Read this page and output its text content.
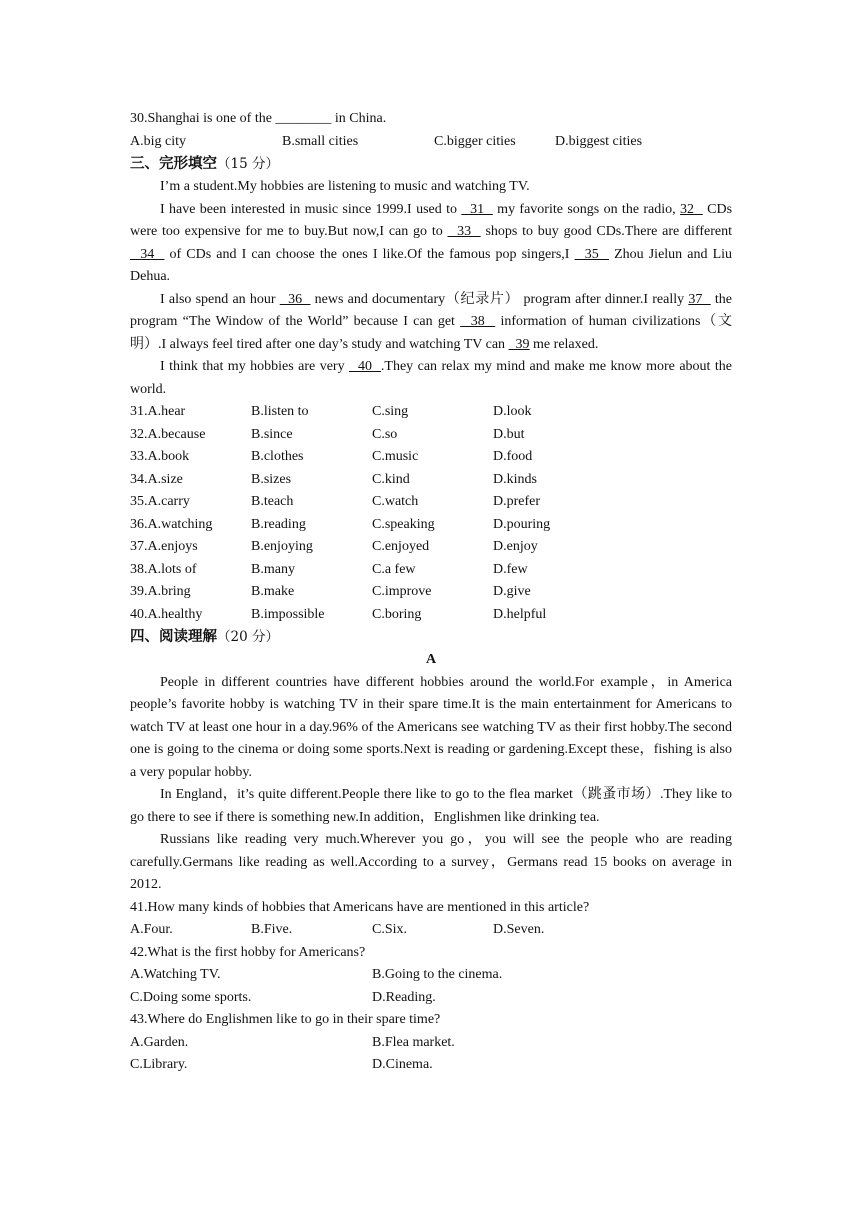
30.Shanghai is one of the ________ in China.
A.big city	B.small cities	C.bigger cities	D.biggest cities
三、完形填空（15 分）

I’m a student.My hobbies are listening to music and watching TV.

I have been interested in music since 1999.I used to   31   my favorite songs on the radio, 32   CDs were too expensive for me to buy.But now,I can go to   33   shops to buy good CDs.There are different   34   of CDs and I can choose the ones I like.Of the famous pop singers,I   35   Zhou Jielun and Liu Dehua.

I also spend an hour   36   news and documentary（纪录片） program after dinner.I really 37   the program “The Window of the World” because I can get   38   information of human civilizations（文明）.I always feel tired after one day’s study and watching TV can   39 me relaxed.

I think that my hobbies are very   40  .They can relax my mind and make me know more about the world.

31.A.hear	B.listen to	C.sing	D.look
32.A.because	B.since	C.so	D.but
33.A.book	B.clothes	C.music	D.food
34.A.size	B.sizes	C.kind	D.kinds
35.A.carry	B.teach	C.watch	D.prefer
36.A.watching	B.reading	C.speaking	D.pouring
37.A.enjoys	B.enjoying	C.enjoyed	D.enjoy
38.A.lots of	B.many	C.a few	D.few
39.A.bring	B.make	C.improve	D.give
40.A.healthy	B.impossible	C.boring	D.helpful
四、阅读理解（20 分）
A

People in different countries have different hobbies around the world.For example，in America people’s favorite hobby is watching TV in their spare time.It is the main entertainment for Americans to watch TV at least one hour in a day.96% of the Americans see watching TV as their first hobby.The second one is going to the cinema or doing some sports.Next is reading or gardening.Except these，fishing is also a very popular hobby.

In England，it’s quite different.People there like to go to the flea market（跳蚤市场）.They like to go there to see if there is something new.In addition，Englishmen like drinking tea.

Russians like reading very much.Wherever you go，you will see the people who are reading carefully.Germans like reading as well.According to a survey，Germans read 15 books on average in 2012.

41.How many kinds of hobbies that Americans have are mentioned in this article?
A.Four.	B.Five.	C.Six.	D.Seven.
42.What is the first hobby for Americans?
A.Watching TV.	B.Going to the cinema.
C.Doing some sports.	D.Reading.
43.Where do Englishmen like to go in their spare time?
A.Garden.	B.Flea market.
C.Library.	D.Cinema.
